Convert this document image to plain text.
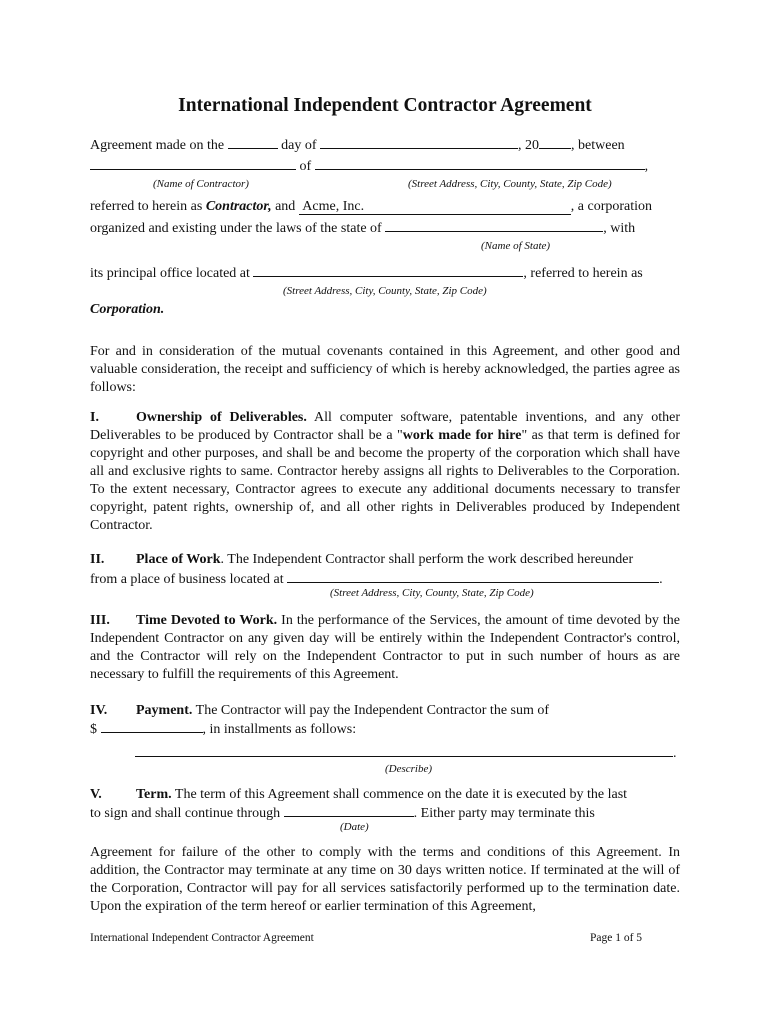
International Independent Contractor Agreement
Agreement made on the	day of	, 20 , between
of	,
(Name of Contractor)	(Street Address, City, County, State, Zip Code)
referred to herein as Contractor, and Acme, Inc.	, a corporation
organized and existing under the laws of the state of	, with
(Name of State)
its principal office located at	, referred to herein as
(Street Address, City, County, State, Zip Code)
Corporation.

For and in consideration of the mutual covenants contained in this Agreement, and other good and valuable consideration, the receipt and sufficiency of which is hereby acknowledged, the parties agree as follows:

I.	Ownership of Deliverables. All computer software, patentable inventions, and any other Deliverables to be produced by Contractor shall be a "work made for hire" as that term is defined for copyright and other purposes, and shall be and become the property of the corporation which shall have all and exclusive rights to same. Contractor hereby assigns all rights to Deliverables to the Corporation. To the extent necessary, Contractor agrees to execute any additional documents necessary to transfer copyright, patent rights, ownership of, and all other rights in Deliverables produced by Independent Contractor.

II. Place of Work. The Independent Contractor shall perform the work described hereunder

from a place of business located at	.
(Street Address, City, County, State, Zip Code)

III. Time Devoted to Work. In the performance of the Services, the amount of time devoted by the Independent Contractor on any given day will be entirely within the Independent Contractor's control, and the Contractor will rely on the Independent Contractor to put in such number of hours as are necessary to fulfill the requirements of this Agreement.

IV. Payment. The Contractor will pay the Independent Contractor the sum of

$	, in installments as follows:
.
(Describe)

V. Term. The term of this Agreement shall commence on the date it is executed by the last

to sign and shall continue through	. Either party may terminate this
(Date)

Agreement for failure of the other to comply with the terms and conditions of this Agreement. In addition, the Contractor may terminate at any time on 30 days written notice. If terminated at the will of the Corporation, Contractor will pay for all services satisfactorily performed up to the termination date. Upon the expiration of the term hereof or earlier termination of this Agreement,

International Independent Contractor Agreement	Page 1 of 5
